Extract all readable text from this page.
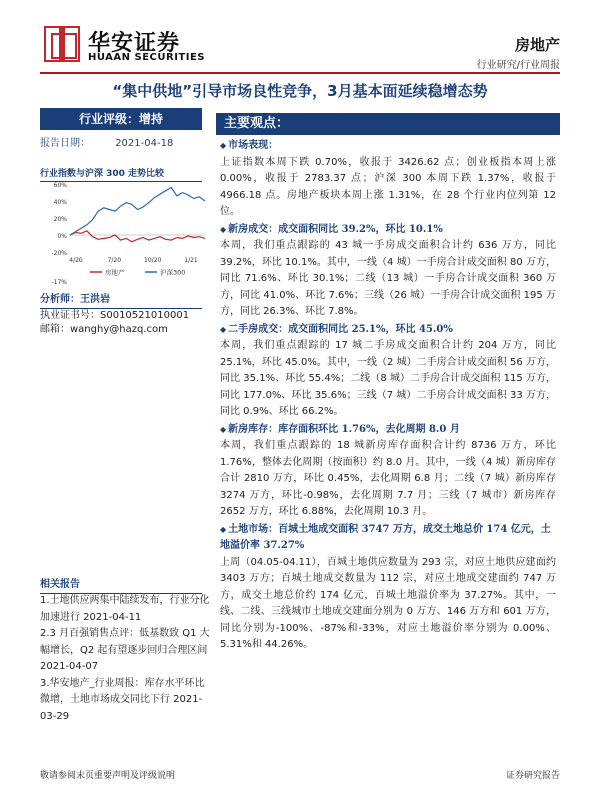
华安证券
HUAAN SECURITIES
房地产
行业研究/行业周报
“集中供地”引导市场良性竞争，3月基本面延续稳增态势
行业评级：增持
报告日期：	2021-04-18
行业指数与沪深 300 走势比较
60%
40%
20%
0%
-20%
4/20	7/20	10/20	1/21
房地产	沪深300
-17%
分析师：王洪岩
执业证书号：S0010521010001
邮箱：wanghy@hazq.com
相关报告

1.土地供应两集中陆续发布，行业分化加速进行 2021-04-11

2.3 月百强销售点评：低基数致 Q1 大幅增长，Q2 起有望逐步回归合理区间 2021-04-07

3.华安地产_行业周报：库存水平环比微增，土地市场成交同比下行 2021-03-29

主要观点：

◆ 市场表现：

上证指数本周下跌 0.70%，收报于 3426.62 点；创业板指本周上涨 0.00%，收报于 2783.37 点；沪深 300 本周下跌 1.37%，收报于 4966.18 点。房地产板块本周上涨 1.31%，在 28 个行业内位列第 12 位。

◆ 新房成交：成交面积同比 39.2%，环比 10.1%

本周，我们重点跟踪的 43 城一手房成交面积合计约 636 万方，同比 39.2%，环比 10.1%。其中，一线（4 城）一手房合计成交面积 80 万方，同比 71.6%、环比 30.1%；二线（13 城）一手房合计成交面积 360 万方，同比 41.0%、环比 7.6%；三线（26 城）一手房合计成交面积 195 万方，同比 26.3%、环比 7.8%。

◆ 二手房成交：成交面积同比 25.1%，环比 45.0%

本周，我们重点跟踪的 17 城二手房成交面积合计约 204 万方，同比 25.1%，环比 45.0%。其中，一线（2 城）二手房合计成交面积 56 万方，同比 35.1%、环比 55.4%；二线（8 城）二手房合计成交面积 115 万方，同比 177.0%、环比 35.6%；三线（7 城）二手房合计成交面积 33 万方，同比 0.9%、环比 66.2%。

◆ 新房库存：库存面积环比 1.76%，去化周期 8.0 月

本周，我们重点跟踪的 18 城新房库存面积合计约 8736 万方，环比 1.76%，整体去化周期（按面积）约 8.0 月。其中，一线（4 城）新房库存合计 2810 万方，环比 0.45%，去化周期 6.8 月；二线（7 城）新房库存 3274 万方，环比-0.98%，去化周期 7.7 月；三线（7 城市）新房库存 2652 万方，环比 6.88%，去化周期 10.3 月。

◆ 土地市场：百城土地成交面积 3747 万方，成交土地总价 174 亿元，土地溢价率 37.27%

上周（04.05-04.11），百城土地供应数量为 293 宗，对应土地供应建面约 3403 万方；百城土地成交数量为 112 宗，对应土地成交建面约 747 万方，成交土地总价约 174 亿元，百城土地溢价率为 37.27%。其中，一线、二线、三线城市土地成交建面分别为 0 万方、146 万方和 601 万方，同比分别为-100%、-87%和-33%，对应土地溢价率分别为 0.00%、5.31%和 44.26%。

敬请参阅末页重要声明及评级说明	证券研究报告
